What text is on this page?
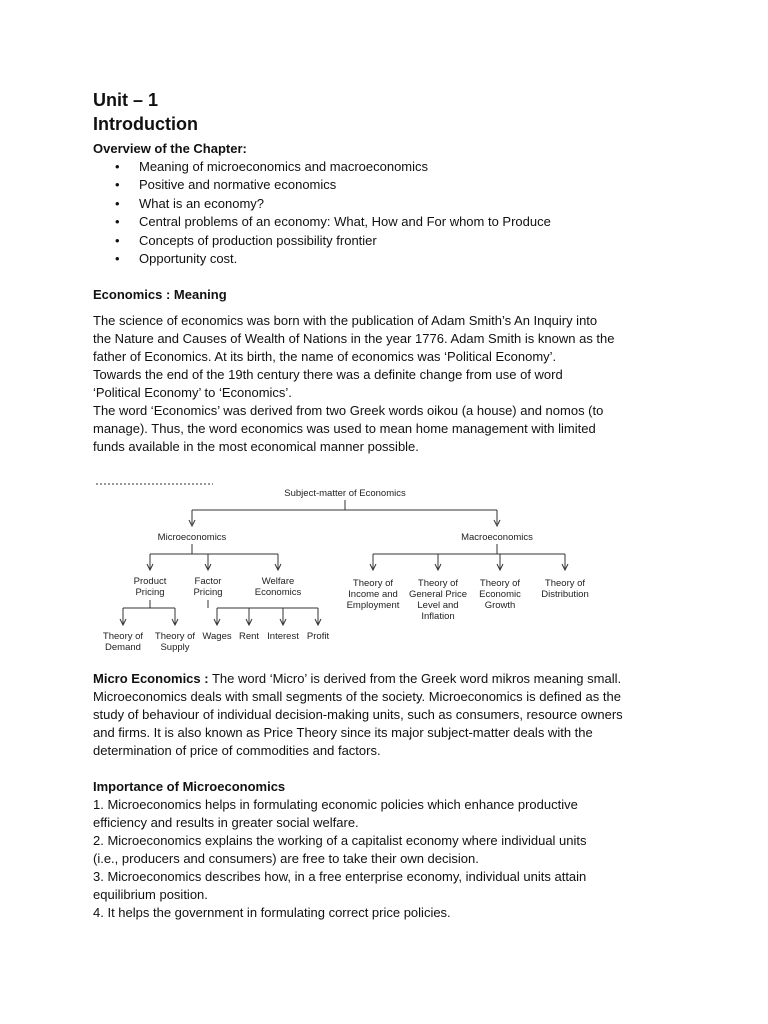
Unit – 1
Introduction
Overview of the Chapter:
• Meaning of microeconomics and macroeconomics
• Positive and normative economics
• What is an economy?
• Central problems of an economy: What, How and For whom to Produce
• Concepts of production possibility frontier
• Opportunity cost.
Economics : Meaning

The science of economics was born with the publication of Adam Smith’s An Inquiry into

the Nature and Causes of Wealth of Nations in the year 1776. Adam Smith is known as the

father of Economics. At its birth, the name of economics was ‘Political Economy’.

Towards the end of the 19th century there was a definite change from use of word

‘Political Economy’ to ‘Economics’.

The word ‘Economics’ was derived from two Greek words oikou (a house) and nomos (to

manage). Thus, the word economics was used to mean home management with limited

funds available in the most economical manner possible.

Subject-matter of Economics
Microeconomics	Macroeconomics
Product
Pricing
Factor
Pricing
Welfare
Economics
Theory of
Demand
Theory of
Supply
Wages Rent Interest Profit
Theory of
Income and
Employment
Theory of
General Price
Level and
Inflation
Theory of
Economic
Growth
Theory of
Distribution

Micro Economics : The word ‘Micro’ is derived from the Greek word mikros meaning small.

Microeconomics deals with small segments of the society. Microeconomics is defined as the

study of behaviour of individual decision-making units, such as consumers, resource owners

and firms. It is also known as Price Theory since its major subject-matter deals with the

determination of price of commodities and factors.

Importance of Microeconomics

1. Microeconomics helps in formulating economic policies which enhance productive

efficiency and results in greater social welfare.

2. Microeconomics explains the working of a capitalist economy where individual units

(i.e., producers and consumers) are free to take their own decision.

3. Microeconomics describes how, in a free enterprise economy, individual units attain

equilibrium position.

4. It helps the government in formulating correct price policies.
